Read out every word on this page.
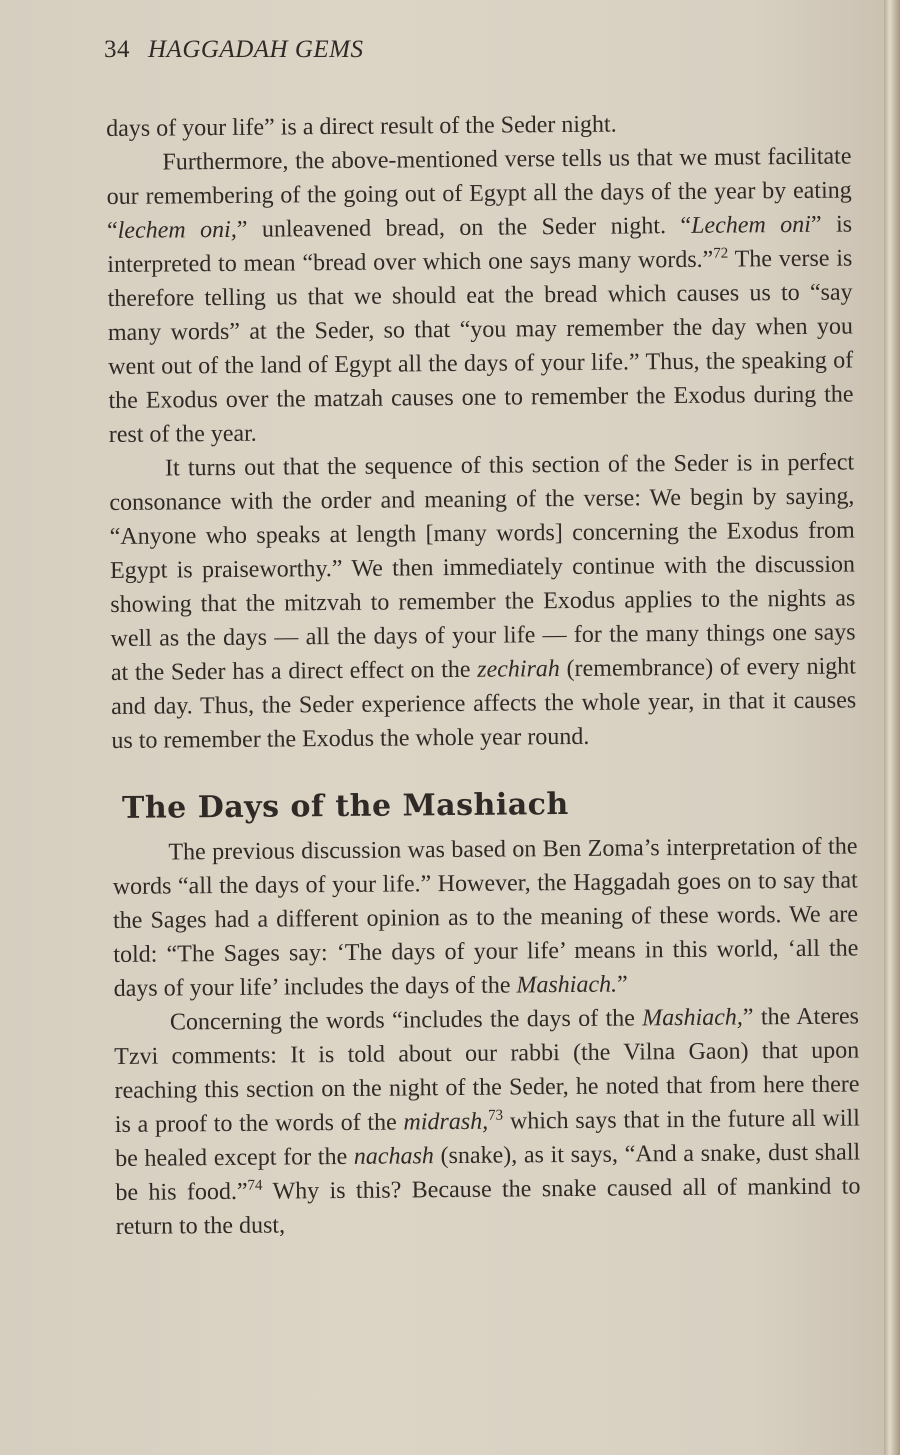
34 HAGGADAH GEMS

days of your life” is a direct result of the Seder night.

Furthermore, the above-mentioned verse tells us that we must facilitate our remembering of the going out of Egypt all the days of the year by eating “lechem oni,” unleavened bread, on the Seder night. “Lechem oni” is interpreted to mean “bread over which one says many words.”$^{72}$ The verse is therefore telling us that we should eat the bread which causes us to “say many words” at the Seder, so that “you may remember the day when you went out of the land of Egypt all the days of your life.” Thus, the speaking of the Exodus over the matzah causes one to remember the Exodus during the rest of the year.

It turns out that the sequence of this section of the Seder is in perfect consonance with the order and meaning of the verse: We begin by saying, “Anyone who speaks at length [many words] concerning the Exodus from Egypt is praiseworthy.” We then immediately continue with the discussion showing that the mitzvah to remember the Exodus applies to the nights as well as the days — all the days of your life — for the many things one says at the Seder has a direct effect on the zechirah (remembrance) of every night and day. Thus, the Seder experience affects the whole year, in that it causes us to remember the Exodus the whole year round.

The Days of the Mashiach

The previous discussion was based on Ben Zoma’s interpretation of the words “all the days of your life.” However, the Haggadah goes on to say that the Sages had a different opinion as to the meaning of these words. We are told: “The Sages say: ‘The days of your life’ means in this world, ‘all the days of your life’ includes the days of the Mashiach.”

Concerning the words “includes the days of the Mashiach,” the Ateres Tzvi comments: It is told about our rabbi (the Vilna Gaon) that upon reaching this section on the night of the Seder, he noted that from here there is a proof to the words of the midrash,$^{73}$ which says that in the future all will be healed except for the nachash (snake), as it says, “And a snake, dust shall be his food.”$^{74}$ Why is this? Because the snake caused all of mankind to return to the dust,
